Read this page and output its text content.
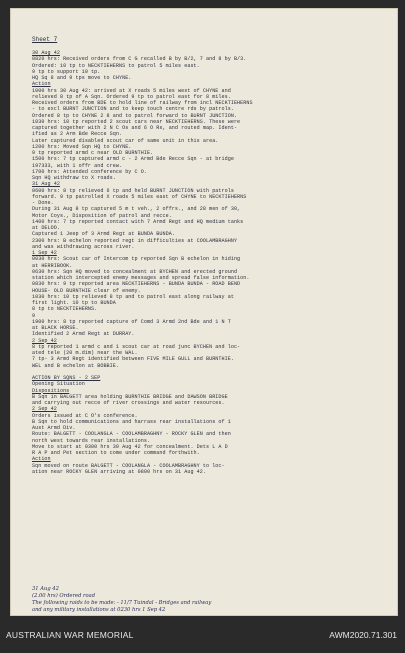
Sheet 7
30 Aug 42
0820 hrs: Received orders from C G recalled B by B/2, 7 and 8 by B/3.
Ordered: 10 tp to NECKTIEHERNS to patrol 5 miles east.
9 tp to support 10 tp.
HQ Sq 8 and 9 tps move to CHYNE.
Action
1000 hrs 30 Aug 42: arrived at X roads 5 miles west of CHYNE and
relieved 8 tp of A Sqn. Ordered 9 tp to patrol east for 8 miles.
Received orders from BDE to hold line of railway from incl NECKTIEHERNS
- to excl BURNT JUNCTION and to keep touch centre rds by patrols.
Ordered 8 tp to CHYNE 2 8 and to patrol forward to BURNT JUNCTION.
1030 hrs: 10 tp reported 2 scout cars near NECKTIEHERNS. These were
captured together with 2 N C Os and 6 O Rs, and routed map. Ident-
ified as 2 Arm Bde Recce Sqn.
Later captured disabled scout car of same unit in this area.
1200 hrs: Moved Sqn HQ to CHYNE.
9 tp reported armd c near OLD BURNTHIE.
1500 hrs: 7 tp captured armd c - 2 Armd Bde Recce Sqn - at bridge
197333, with 1 offr and crew.
1700 hrs: Attended conference by C O.
Sqn HQ withdraw to X roads.
31 Aug 42
0600 hrs: 8 tp relieved 6 tp and held BURNT JUNCTION with patrols
forward. 9 tp patrolled X roads 5 miles east of CHYNE to NECKTIEHERNS
- Done.
During 31 Aug 8 tp captured 5 m t veh., 2 offrs., and 28 men of 30,
Motor Coys., Disposition of patrol and recce.
1400 hrs: 7 tp reported contact with 7 Armd Regt and HQ medium tanks
at DELOO.
Captured 1 Jeep of 3 Armd Regt at BUNDA BUNDA.
2300 hrs: B echelon reported regt in difficulties at COOLAMBRAGHNY
and was withdrawing across river.
1 Sep 42
0030 hrs: Scout car of Intercom tp reported Sqn B echelon in hiding
at HERRIBOOK.
0630 hrs: Sqn HQ moved to concealment at BYCHEN and erected ground
station which intercepted enemy messages and spread false information.
0830 hrs: 9 tp reported area NECKTIEHERNS - BUNDA BUNDA - ROAD BEND
HOUSE- OLD BURNTHIE clear of enemy.
1030 hrs: 10 tp relieved 8 tp and to patrol east along railway at
first light. 10 tp to BUNDA
8 tp to NECKTIEHERNS.
9
1900 hrs: 8 tp reported capture of Comd 3 Armd 2nd Bde and 1 N T
at BLACK HORSE.
Identified 2 Armd Regt at DURRAY.
2 Sep 42
8 tp reported 1 armd c and 1 scout car at road junc BYCHEN and loc-
ated tele (20 m.dim) near the WAL.
7 tp- 3 Armd Regt identified between FIVE MILE GULL and BURNTHIE.
WEL and B echelon at BOBBIE.
ACTION BY SQNS - 2 SEP
Opening Situation
Dispositions
B Sqn in BALGETT area holding BURNTHIE BRIDGE and DAWSON BRIDGE
and carrying out recce of river crossings and water resources.
2 Sep 42
Orders issued at C O's conference.
B Sqn to hold communications and harrass rear installations of 1
Aust Armd Div.
Route: BALGETT - COOLANGLA - COOLAMBRAGHNY - ROCKY GLEN and then
north west towards rear installations.
Move to start at 0300 hrs 30 Aug 42 for concealment. Dets L A D
R A P and Pet section to come under command forthwith.
Action
Sqn moved on route BALGETT - COOLANGLA - COOLAMBRAGHNY to loc-
ation near ROCKY GLEN arriving at 0800 hrs on 31 Aug 42.
31 Aug 42
(2.00 hrs) Ordered road
The following raids to be made: - 11/7 Tuindal - Bridges and railway
and any military installations at 0230 hrs 1 Sep 42
AUSTRALIAN WAR MEMORIAL	AWM2020.71.301
